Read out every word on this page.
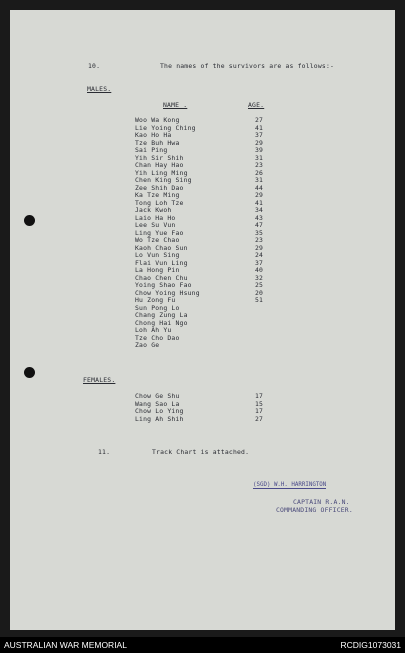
10.	The names of the survivors are as follows:-
MALES.
NAME .	AGE.
Woo Wa Kong	27
Lie Yoing Ching	41
Kao Ho Ha	37
Tze Buh Hwa	29
Sai Ping	39
Yih Sir Shih	31
Chan Hay Hao	23
Yih Ling Ming	26
Chen King Sing	31
Zee Shih Dao	44
Ka Tze Ming	29
Tong Loh Tze	41
Jack Kwoh	34
Laio Ha Ho	43
Lee Su Vun	47
Ling Yue Fao	35
Wo Tze Chao	23
Kaoh Chao Sun	29
Lo Vun Sing	24
Flai Vun Ling	37
La Hong Pin	40
Chao Chen Chu	32
Yoing Shao Fao	25
Chow Yoing Hsung	20
Hu Zong Fu	51
Sun Pong Lo
Chang Zung La
Chong Hai Ngo
Loh Ah Yu
Tze Cho Dao
Zao Ge
FEMALES.
Chow Ge Shu	17
Wang Sao La	15
Chow Lo Ying	17
Ling Ah Shih	27
11.	Track Chart is attached.
(SGD) W.H. HARRINGTON
CAPTAIN R.A.N.
COMMANDING OFFICER.
AUSTRALIAN WAR MEMORIAL	RCDIG1073031
